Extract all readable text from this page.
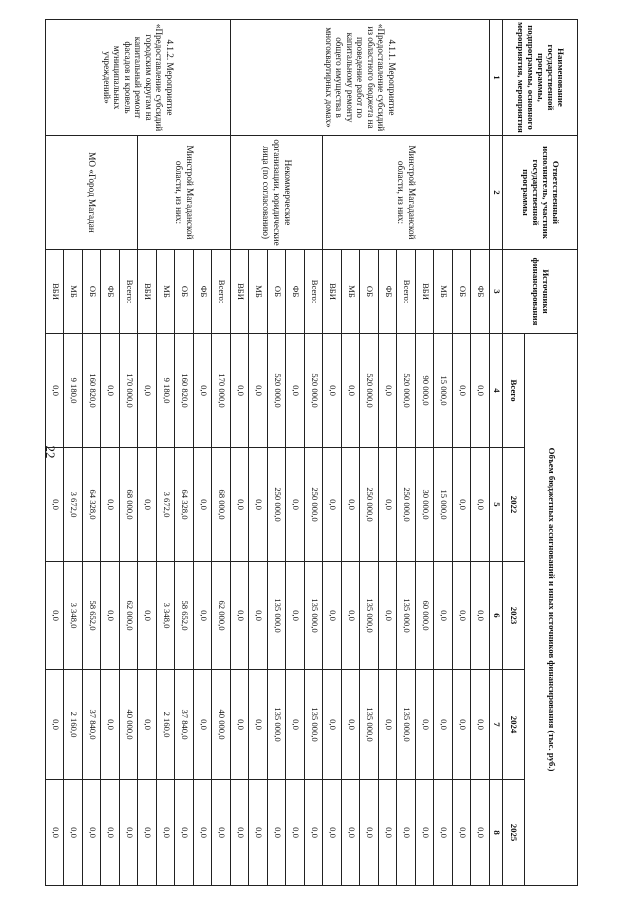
22
Наименование государственной программы, подпрограммы, основного мероприятия, мероприятия	Ответственный исполнитель, участник государственной программы	Источники финансирования	Объем бюджетных ассигнований и иных источников финансирования (тыс. руб.)				
			Всего	2022	2023	2024	2025
1	2	3	4	5	6	7	8
4.1.1. Мероприятие «Предоставление субсидий из областного бюджета на проведение работ по капитальному ремонту общего имущества в многоквартирных домах»	Минстрой Магаданской области, из них:	ФБ	0,0	0,0	0,0	0,0	0,0
		ОБ	0,0	0,0	0,0	0,0	0,0
		МБ	15 000,0	15 000,0	0,0	0,0	0,0
		ВБИ	90 000,0	30 000,0	60 000,0	0,0	0,0
		Всего:	520 000,0	250 000,0	135 000,0	135 000,0	0,0
		ФБ	0,0	0,0	0,0	0,0	0,0
		ОБ	520 000,0	250 000,0	135 000,0	135 000,0	0,0
		МБ	0,0	0,0	0,0	0,0	0,0
		ВБИ	0,0	0,0	0,0	0,0	0,0
	Некоммерческие организации, юридические лица (по согласованию)	Всего:	520 000,0	250 000,0	135 000,0	135 000,0	0,0
		ФБ	0,0	0,0	0,0	0,0	0,0
		ОБ	520 000,0	250 000,0	135 000,0	135 000,0	0,0
		МБ	0,0	0,0	0,0	0,0	0,0
		ВБИ	0,0	0,0	0,0	0,0	0,0
4.1.2. Мероприятие «Предоставление субсидий городским округам на капитальный ремонт фасадов и кровель муниципальных учреждений»	Минстрой Магаданской области, из них:	Всего:	170 000,0	68 000,0	62 000,0	40 000,0	0,0
		ФБ	0,0	0,0	0,0	0,0	0,0
		ОБ	160 820,0	64 328,0	58 652,0	37 840,0	0,0
		МБ	9 180,0	3 672,0	3 348,0	2 160,0	0,0
		ВБИ	0,0	0,0	0,0	0,0	0,0
	МО «Город Магадан	Всего:	170 000,0	68 000,0	62 000,0	40 000,0	0,0
		ФБ	0,0	0,0	0,0	0,0	0,0
		ОБ	160 820,0	64 328,0	58 652,0	37 840,0	0,0
		МБ	9 180,0	3 672,0	3 348,0	2 160,0	0,0
		ВБИ	0,0	0,0	0,0	0,0	0,0
